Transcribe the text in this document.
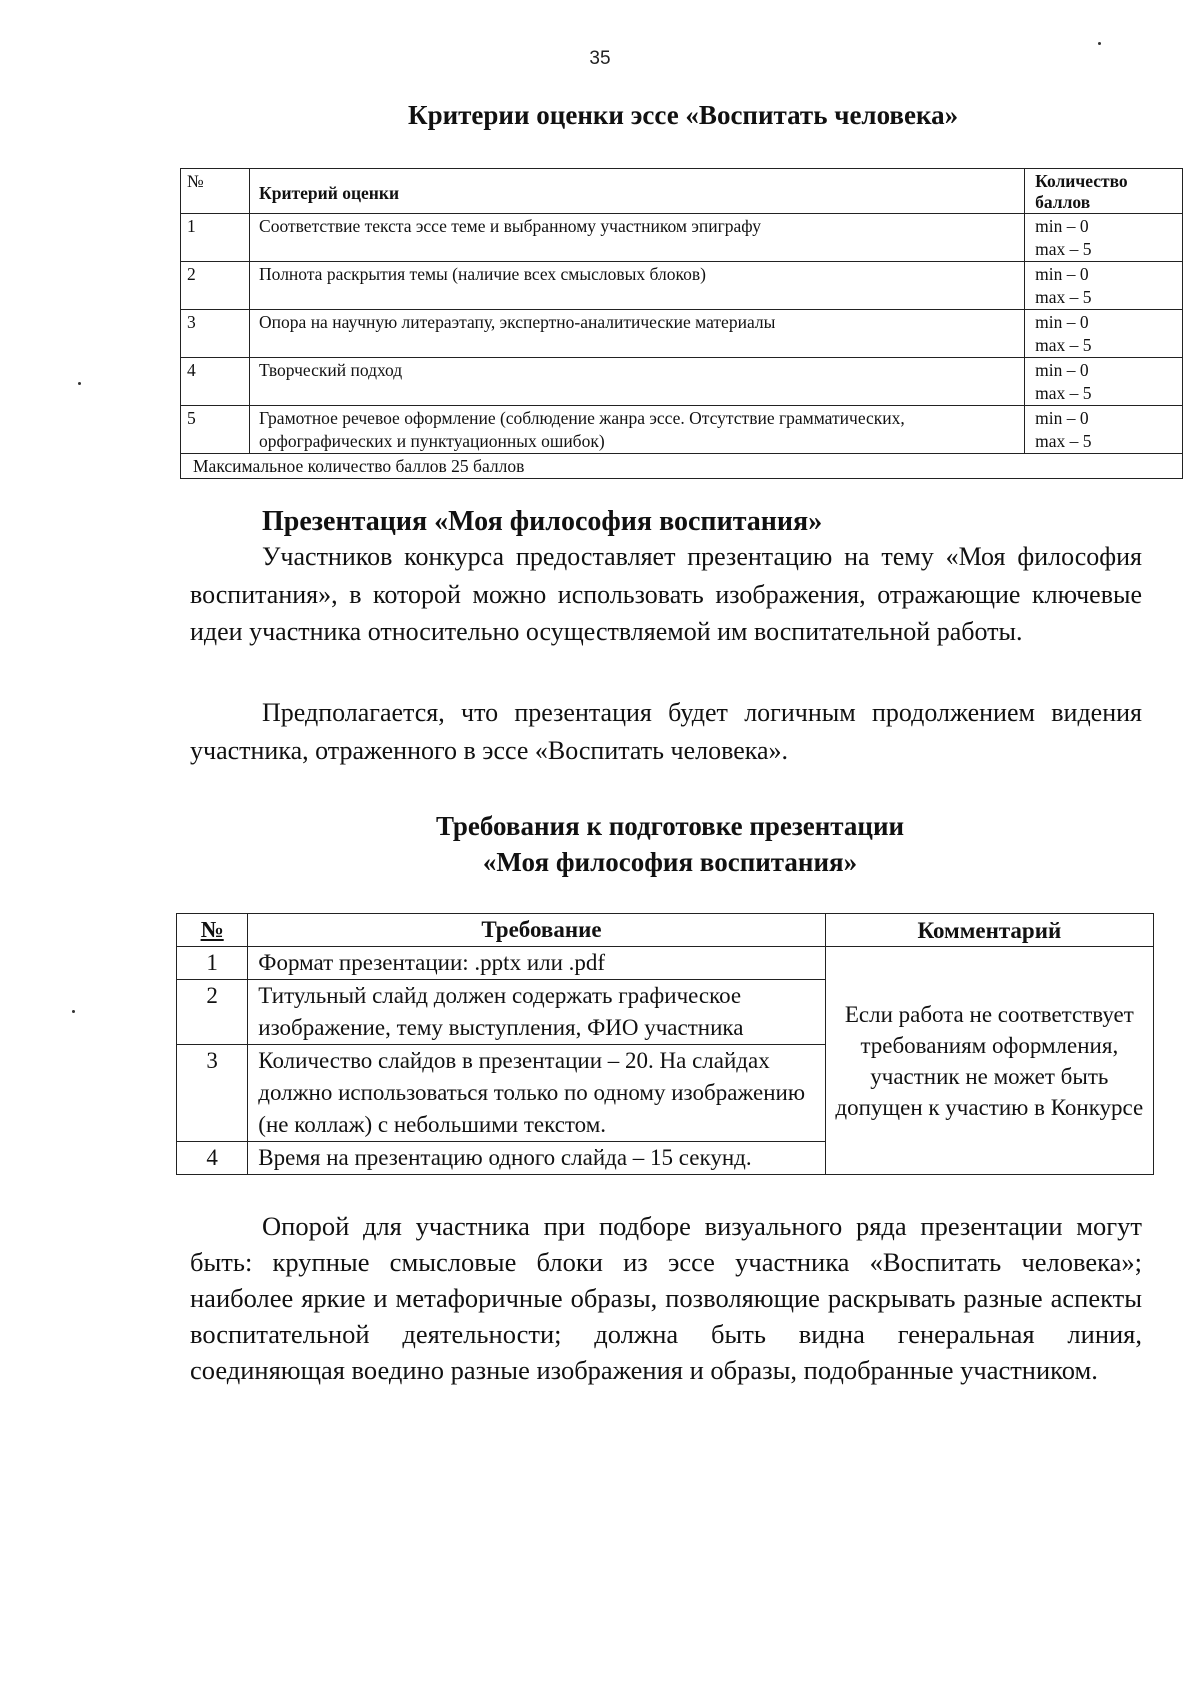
35
Критерии оценки эссе «Воспитать человека»
№	Критерий оценки	Количество
баллов

1	Соответствие текста эссе теме и выбранному участником эпиграфу	min – 0
max – 5

2	Полнота раскрытия темы (наличие всех смысловых блоков)	min – 0
max – 5

3	Опора на научную литераэтапу, экспертно-аналитические материалы	min – 0
max – 5

4	Творческий подход	min – 0
max – 5

5	Грамотное речевое оформление (соблюдение жанра эссе. Отсутствие грамматических, орфографических и пунктуационных ошибок)	min – 0
max – 5

Максимальное количество баллов 25 баллов		
Презентация «Моя философия воспитания»

Участников конкурса предоставляет презентацию на тему «Моя философия воспитания», в которой можно использовать изображения, отражающие ключевые идеи участника относительно осуществляемой им воспитательной работы.

Предполагается, что презентация будет логичным продолжением видения участника, отраженного в эссе «Воспитать человека».

Требования к подготовке презентации
«Моя философия воспитания»
№	Требование	Комментарий
1	Формат презентации: .pptx или .pdf	Если работа не соответствует требованиям оформления, участник не может быть допущен к участию в Конкурсе
2	Титульный слайд должен содержать графическое изображение, тему выступления, ФИО участника	
3	Количество слайдов в презентации – 20. На слайдах должно использоваться только по одному изображению (не коллаж) с небольшими текстом.	
4	Время на презентацию одного слайда – 15 секунд.	

Опорой для участника при подборе визуального ряда презентации могут быть: крупные смысловые блоки из эссе участника «Воспитать человека»; наиболее яркие и метафоричные образы, позволяющие раскрывать разные аспекты воспитательной деятельности; должна быть видна генеральная линия, соединяющая воедино разные изображения и образы, подобранные участником.
